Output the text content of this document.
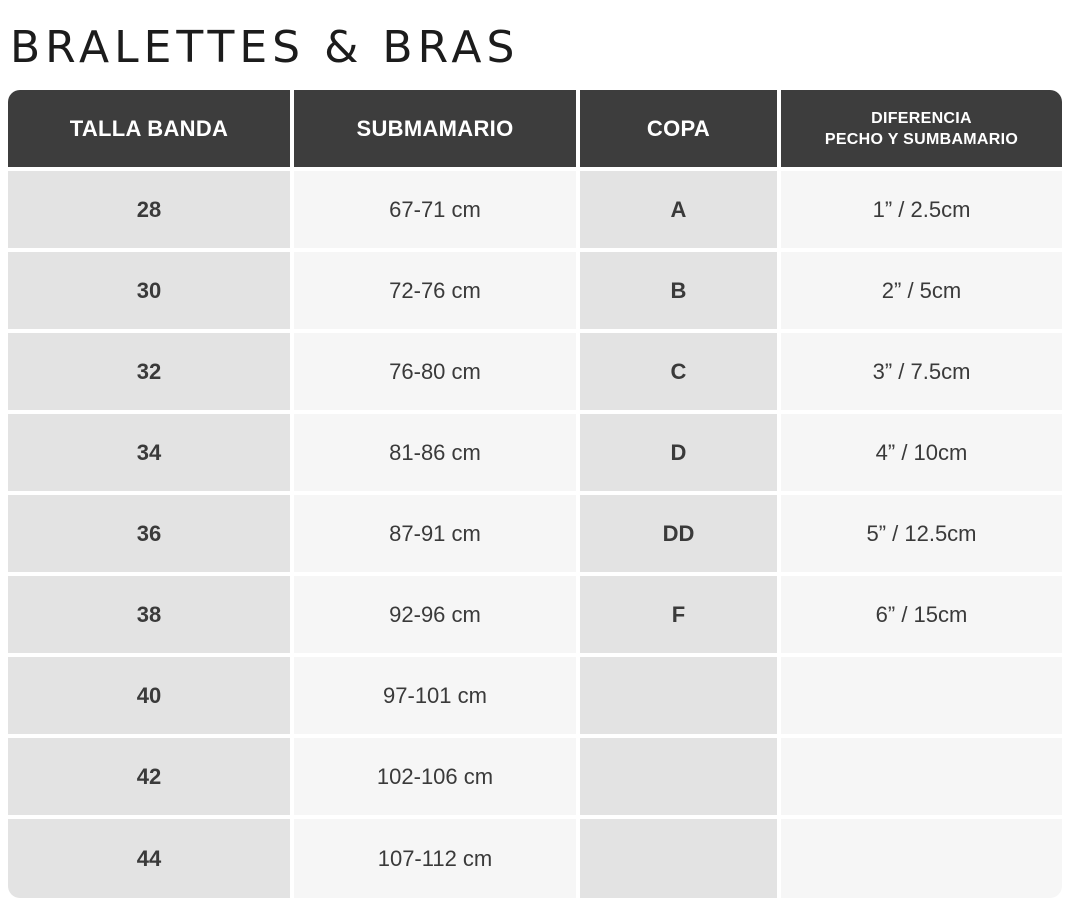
BRALETTES & BRAS
TALLA BANDA
28
30
32
34
36
38
40
42
44
SUBMAMARIO
67-71 cm
72-76 cm
76-80 cm
81-86 cm
87-91 cm
92-96 cm
97-101 cm
102-106 cm
107-112 cm
COPA
A
B
C
D
DD
F
DIFERENCIA
PECHO Y SUMBAMARIO
1” / 2.5cm
2” / 5cm
3” / 7.5cm
4” / 10cm
5” / 12.5cm
6” / 15cm
